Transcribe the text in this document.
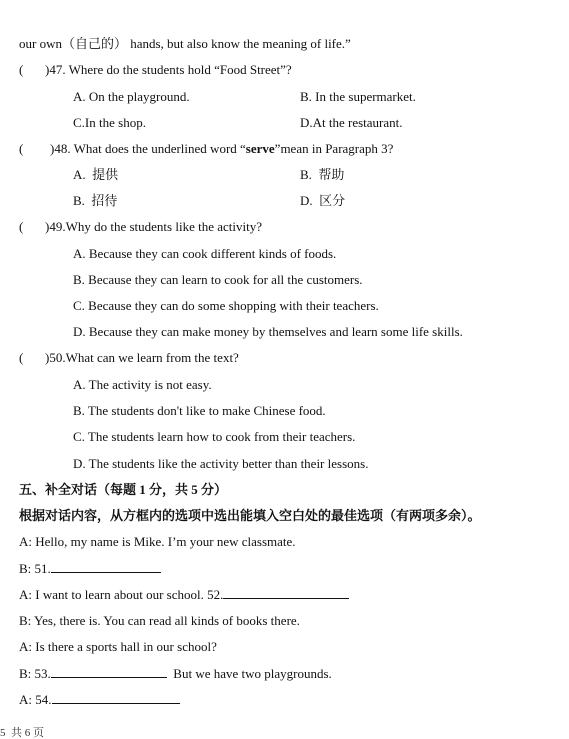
our own（自己的） hands, but also know the meaning of life.”
( )47. Where do the students hold “Food Street”?
A. On the playground.	B. In the supermarket.
C.In the shop.	D.At the restaurant.
( )48. What does the underlined word “serve”mean in Paragraph 3?
A.  提供	B.  帮助
B.  招待	D.  区分
( )49.Why do the students like the activity?
A. Because they can cook different kinds of foods.
B. Because they can learn to cook for all the customers.
C. Because they can do some shopping with their teachers.
D. Because they can make money by themselves and learn some life skills.
( )50.What can we learn from the text?
A. The activity is not easy.
B. The students don't like to make Chinese food.
C. The students learn how to cook from their teachers.
D. The students like the activity better than their lessons.
五、补全对话（每题 1 分，共 5 分）
根据对话内容，从方框内的选项中选出能填入空白处的最佳选项（有两项多余）。
A: Hello, my name is Mike. I’m your new classmate.
B: 51.
A: I want to learn about our school. 52.
B: Yes, there is. You can read all kinds of books there.
A: Is there a sports hall in our school?
B: 53.	But we have two playgrounds.
A: 54.
5  共 6 页
